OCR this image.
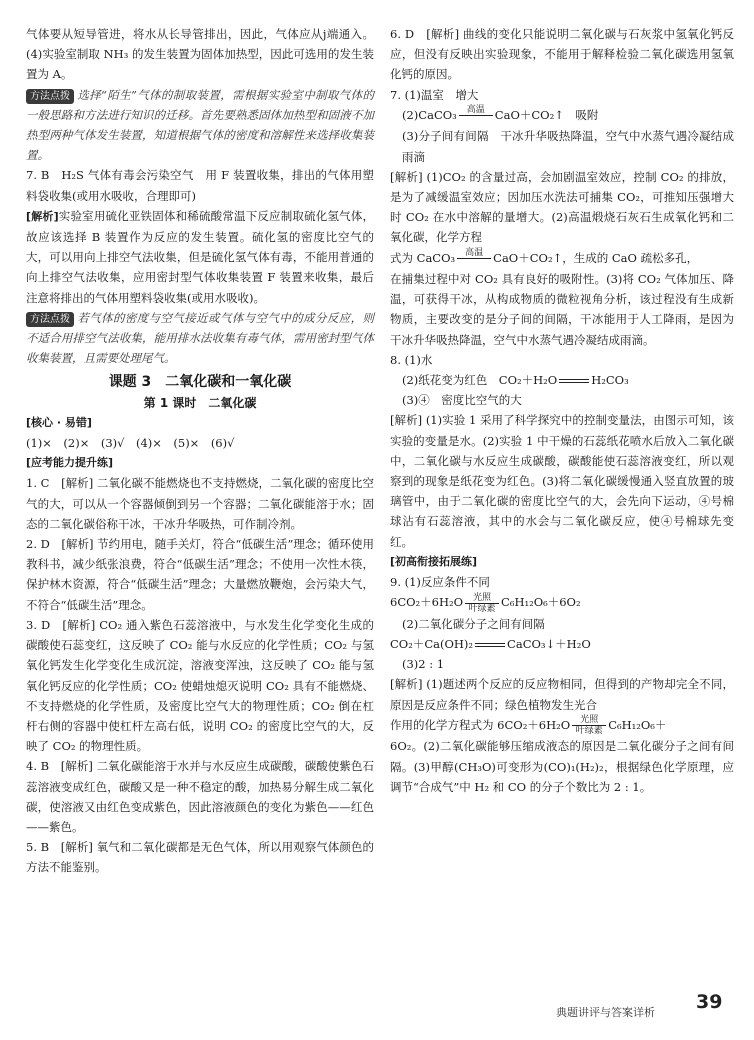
气体要从短导管进，将水从长导管排出，因此，气体应从j端通入。(4)实验室制取 NH₃ 的发生装置为固体加热型，因此可选用的发生装置为 A。

方法点拨 选择“陌生”气体的制取装置，需根据实验室中制取气体的一般思路和方法进行知识的迁移。首先要熟悉固体加热型和固液不加热型两种气体发生装置，知道根据气体的密度和溶解性来选择收集装置。

7. B　H₂S 气体有毒会污染空气　用 F 装置收集，排出的气体用塑料袋收集(或用水吸收，合理即可)

[解析]实验室用硫化亚铁固体和稀硫酸常温下反应制取硫化氢气体，故应该选择 B 装置作为反应的发生装置。硫化氢的密度比空气的大，可以用向上排空气法收集，但是硫化氢气体有毒，不能用普通的向上排空气法收集，应用密封型气体收集装置 F 装置来收集，最后注意将排出的气体用塑料袋收集(或用水吸收)。

方法点拨 若气体的密度与空气接近或气体与空气中的成分反应，则不适合用排空气法收集，能用排水法收集有毒气体，需用密封型气体收集装置，且需要处理尾气。

课题 3　二氧化碳和一氧化碳

第 1 课时　二氧化碳

[核心 · 易错]

(1)×　(2)×　(3)√　(4)×　(5)×　(6)√

[应考能力提升练]

1. C　[解析] 二氧化碳不能燃烧也不支持燃烧，二氧化碳的密度比空气的大，可以从一个容器倾倒到另一个容器；二氧化碳能溶于水；固态的二氧化碳俗称干冰，干冰升华吸热，可作制冷剂。

2. D　[解析] 节约用电，随手关灯，符合“低碳生活”理念；循环使用教科书，减少纸张浪费，符合“低碳生活”理念；不使用一次性木筷，保护林木资源，符合“低碳生活”理念；大量燃放鞭炮，会污染大气，不符合“低碳生活”理念。

3. D　[解析] CO₂ 通入紫色石蕊溶液中，与水发生化学变化生成的碳酸使石蕊变红，这反映了 CO₂ 能与水反应的化学性质；CO₂ 与氢氧化钙发生化学变化生成沉淀，溶液变浑浊，这反映了 CO₂ 能与氢氧化钙反应的化学性质；CO₂ 使蜡烛熄灭说明 CO₂ 具有不能燃烧、不支持燃烧的化学性质，及密度比空气大的物理性质；CO₂ 倒在杠杆右侧的容器中使杠杆左高右低，说明 CO₂ 的密度比空气的大，反映了 CO₂ 的物理性质。

4. B　[解析] 二氧化碳能溶于水并与水反应生成碳酸，碳酸使紫色石蕊溶液变成红色，碳酸又是一种不稳定的酸，加热易分解生成二氧化碳，使溶液又由红色变成紫色，因此溶液颜色的变化为紫色——红色——紫色。

5. B　[解析] 氧气和二氧化碳都是无色气体，所以用观察气体颜色的方法不能鉴别。

6. D　[解析] 曲线的变化只能说明二氧化碳与石灰浆中氢氧化钙反应，但没有反映出实验现象，不能用于解释检验二氧化碳选用氢氧化钙的原因。

7. (1)温室　增大

(2)CaCO₃	高温
CaO＋CO₂↑　吸附

(3)分子间有间隔　干冰升华吸热降温，空气中水蒸气遇冷凝结成雨滴

[解析] (1)CO₂ 的含量过高，会加剧温室效应，控制 CO₂ 的排放，是为了减缓温室效应；因加压水洗法可捕集 CO₂，可推知压强增大时 CO₂ 在水中溶解的量增大。(2)高温煅烧石灰石生成氧化钙和二氧化碳，化学方程

式为 CaCO₃	高温
CaO＋CO₂↑，生成的 CaO 疏松多孔，

在捕集过程中对 CO₂ 具有良好的吸附性。(3)将 CO₂ 气体加压、降温，可获得干冰，从构成物质的微粒视角分析，该过程没有生成新物质，主要改变的是分子间的间隔，干冰能用于人工降雨，是因为干冰升华吸热降温，空气中水蒸气遇冷凝结成雨滴。

8. (1)水

(2)纸花变为红色　CO₂＋H₂O	H₂CO₃

(3)④　密度比空气的大

[解析] (1)实验 1 采用了科学探究中的控制变量法，由图示可知，该实验的变量是水。(2)实验 1 中干燥的石蕊纸花喷水后放入二氧化碳中，二氧化碳与水反应生成碳酸，碳酸能使石蕊溶液变红，所以观察到的现象是纸花变为红色。(3)将二氧化碳缓慢通入竖直放置的玻璃管中，由于二氧化碳的密度比空气的大，会先向下运动，④号棉球沾有石蕊溶液，其中的水会与二氧化碳反应，使④号棉球先变红。

[初高衔接拓展练]

9. (1)反应条件不同

6CO₂＋6H₂O	光照
叶绿素 C₆H₁₂O₆＋6O₂

(2)二氧化碳分子之间有间隔

CO₂＋Ca(OH)₂	CaCO₃↓＋H₂O

(3)2 : 1

[解析] (1)题述两个反应的反应物相同，但得到的产物却完全不同，原因是反应条件不同；绿色植物发生光合

作用的化学方程式为 6CO₂＋6H₂O	光照
叶绿素 C₆H₁₂O₆＋

6O₂。(2)二氧化碳能够压缩成液态的原因是二氧化碳分子之间有间隔。(3)甲醇(CH₃O)可变形为(CO)₁(H₂)₂，根据绿色化学原理，应调节“合成气”中 H₂ 和 CO 的分子个数比为 2 : 1。

典题讲评与答案详析 39
